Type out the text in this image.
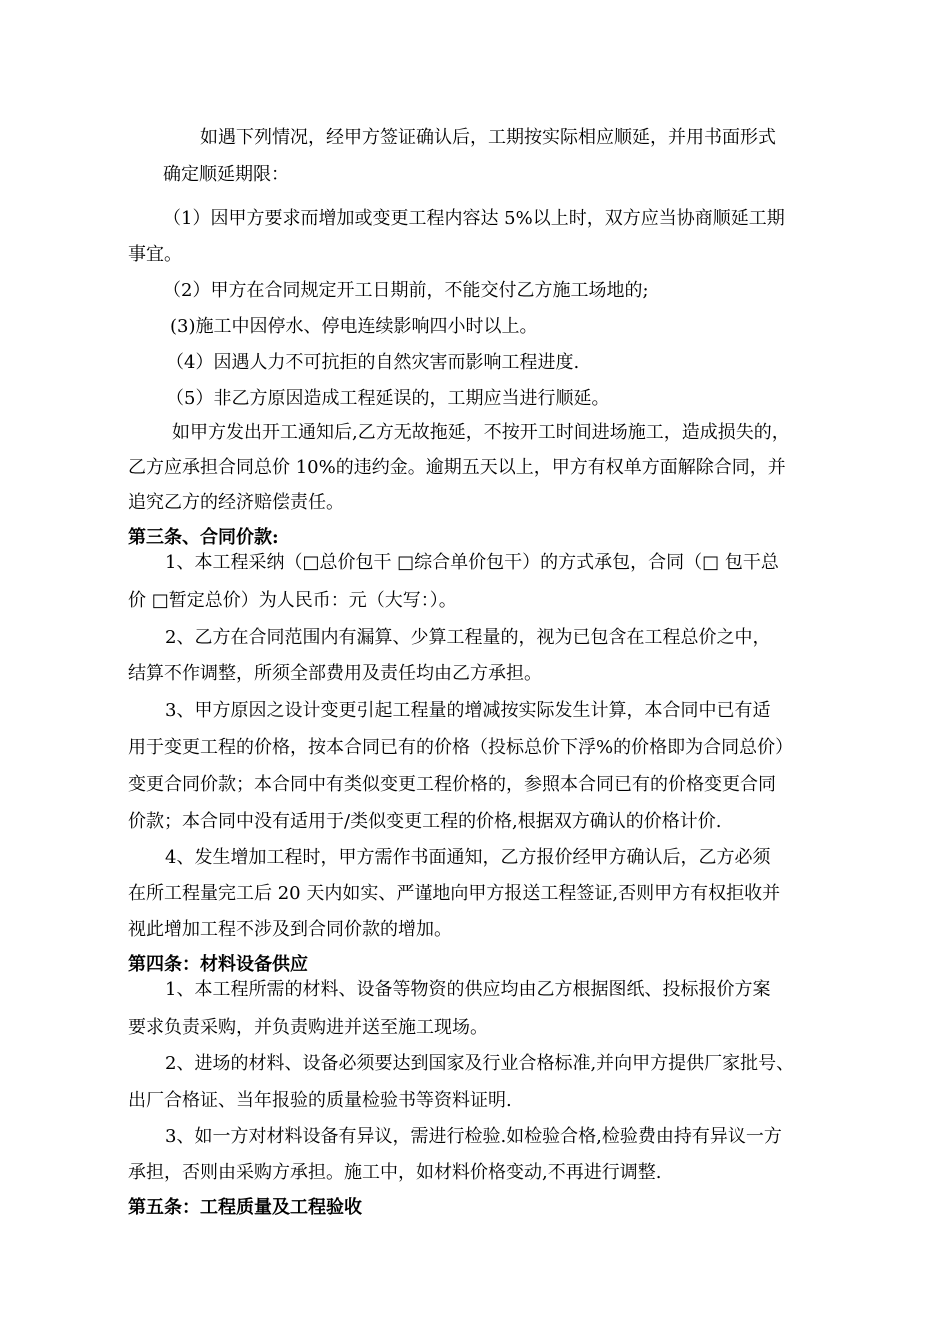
如遇下列情况，经甲方签证确认后，工期按实际相应顺延，并用书面形式
确定顺延期限：
（1）因甲方要求而增加或变更工程内容达 5%以上时，双方应当协商顺延工期
事宜。
（2）甲方在合同规定开工日期前，不能交付乙方施工场地的;
(3)施工中因停水、停电连续影响四小时以上。
（4）因遇人力不可抗拒的自然灾害而影响工程进度.
（5）非乙方原因造成工程延误的，工期应当进行顺延。
如甲方发出开工通知后,乙方无故拖延，不按开工时间进场施工，造成损失的，
乙方应承担合同总价 10%的违约金。逾期五天以上，甲方有权单方面解除合同，并
追究乙方的经济赔偿责任。
第三条、合同价款:
1、本工程采纳（□总价包干 □综合单价包干）的方式承包，合同（□ 包干总
价 □暂定总价）为人民币：元（大写：）。
2、乙方在合同范围内有漏算、少算工程量的，视为已包含在工程总价之中，
结算不作调整，所须全部费用及责任均由乙方承担。
3、甲方原因之设计变更引起工程量的增减按实际发生计算，本合同中已有适
用于变更工程的价格，按本合同已有的价格（投标总价下浮%的价格即为合同总价）
变更合同价款；本合同中有类似变更工程价格的，参照本合同已有的价格变更合同
价款；本合同中没有适用于/类似变更工程的价格,根据双方确认的价格计价.
4、发生增加工程时，甲方需作书面通知，乙方报价经甲方确认后，乙方必须
在所工程量完工后 20 天内如实、严谨地向甲方报送工程签证,否则甲方有权拒收并
视此增加工程不涉及到合同价款的增加。
第四条：材料设备供应
1、本工程所需的材料、设备等物资的供应均由乙方根据图纸、投标报价方案
要求负责采购，并负责购进并送至施工现场。
2、进场的材料、设备必须要达到国家及行业合格标准,并向甲方提供厂家批号、
出厂合格证、当年报验的质量检验书等资料证明.
3、如一方对材料设备有异议，需进行检验.如检验合格,检验费由持有异议一方
承担，否则由采购方承担。施工中，如材料价格变动,不再进行调整.
第五条：工程质量及工程验收
